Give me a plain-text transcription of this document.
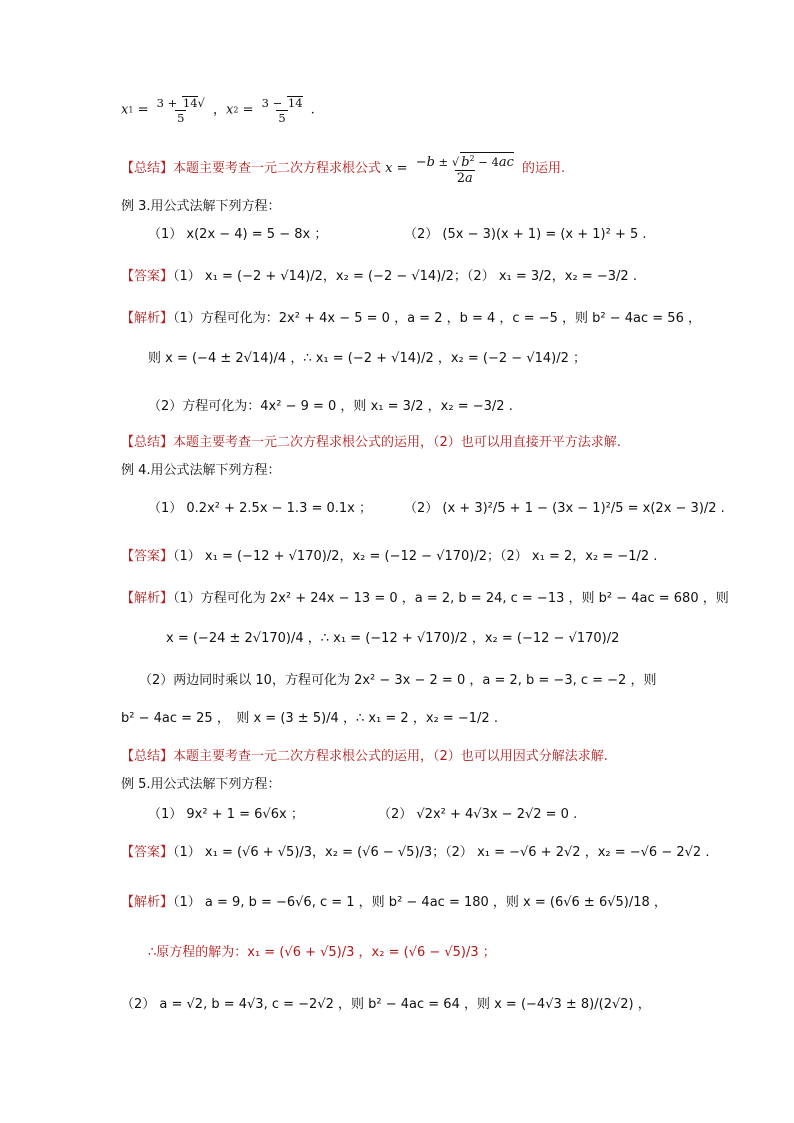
$x1 = \frac{3 + 14√}{5}$ ，$x2 = \frac{3 - 14}{5}$ .
【总结】本题主要考查一元二次方程求根公式 $x = \frac{-b \pm √ b^2 - 4ac}{2a}$ 的运用.
例 3.用公式法解下列方程：
（1） x(2x − 4) = 5 − 8x ；	（2） (5x − 3)(x + 1) = (x + 1)² + 5 .
【答案】（1） x₁ = (−2 + √14)/2，x₂ = (−2 − √14)/2；（2） x₁ = 3/2，x₂ = −3/2 .
【解析】（1）方程可化为：2x² + 4x − 5 = 0 ，a = 2 ，b = 4 ，c = −5 ，则 b² − 4ac = 56 ，
则 x = (−4 ± 2√14)/4 ，∴ x₁ = (−2 + √14)/2 ，x₂ = (−2 − √14)/2 ；
（2）方程可化为：4x² − 9 = 0 ，则 x₁ = 3/2 ，x₂ = −3/2 .
【总结】本题主要考查一元二次方程求根公式的运用，（2）也可以用直接开平方法求解.
例 4.用公式法解下列方程：
（1） 0.2x² + 2.5x − 1.3 = 0.1x ； （2） (x + 3)²/5 + 1 − (3x − 1)²/5 = x(2x − 3)/2 .
【答案】（1） x₁ = (−12 + √170)/2，x₂ = (−12 − √170)/2；（2） x₁ = 2，x₂ = −1/2 .
【解析】（1）方程可化为 2x² + 24x − 13 = 0 ，a = 2, b = 24, c = −13 ，则 b² − 4ac = 680 ，则
x = (−24 ± 2√170)/4 ，∴ x₁ = (−12 + √170)/2 ，x₂ = (−12 − √170)/2
（2）两边同时乘以 10，方程可化为 2x² − 3x − 2 = 0 ，a = 2, b = −3, c = −2 ，则
b² − 4ac = 25 ，　则 x = (3 ± 5)/4 ，∴ x₁ = 2 ，x₂ = −1/2 .
【总结】本题主要考查一元二次方程求根公式的运用，（2）也可以用因式分解法求解.
例 5.用公式法解下列方程：
（1） 9x² + 1 = 6√6x ；	（2） √2x² + 4√3x − 2√2 = 0 .
【答案】（1） x₁ = (√6 + √5)/3，x₂ = (√6 − √5)/3；（2） x₁ = −√6 + 2√2 ，x₂ = −√6 − 2√2 .
【解析】（1） a = 9, b = −6√6, c = 1 ，则 b² − 4ac = 180 ，则 x = (6√6 ± 6√5)/18 ，
∴原方程的解为：x₁ = (√6 + √5)/3 ，x₂ = (√6 − √5)/3 ；
（2） a = √2, b = 4√3, c = −2√2 ，则 b² − 4ac = 64 ，则 x = (−4√3 ± 8)/(2√2) ，
